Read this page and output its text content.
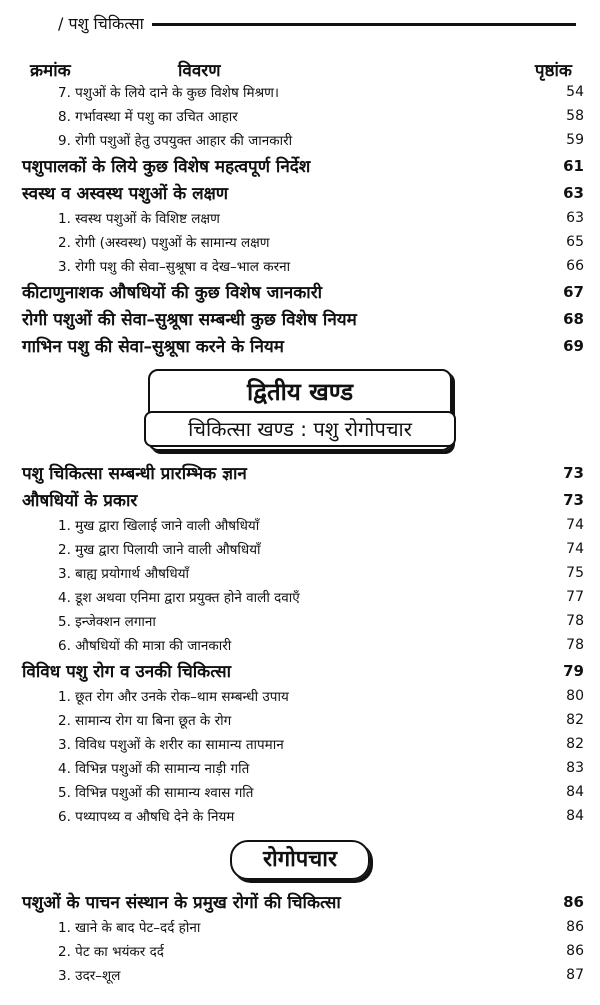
/ पशु चिकित्सा
क्रमांक	विवरण	पृष्ठांक
7. पशुओं के लिये दाने के कुछ विशेष मिश्रण।	54
8. गर्भावस्था में पशु का उचित आहार	58
9. रोगी पशुओं हेतु उपयुक्त आहार की जानकारी	59
पशुपालकों के लिये कुछ विशेष महत्वपूर्ण निर्देश	61
स्वस्थ व अस्वस्थ पशुओं के लक्षण	63
1. स्वस्थ पशुओं के विशिष्ट लक्षण	63
2. रोगी (अस्वस्थ) पशुओं के सामान्य लक्षण	65
3. रोगी पशु की सेवा–सुश्रूषा व देख–भाल करना	66
कीटाणुनाशक औषधियों की कुछ विशेष जानकारी	67
रोगी पशुओं की सेवा–सुश्रूषा सम्बन्धी कुछ विशेष नियम	68
गाभिन पशु की सेवा–सुश्रूषा करने के नियम	69
द्वितीय खण्ड
चिकित्सा खण्ड : पशु रोगोपचार
पशु चिकित्सा सम्बन्धी प्रारम्भिक ज्ञान	73
औषधियों के प्रकार	73
1. मुख द्वारा खिलाई जाने वाली औषधियाँ	74
2. मुख द्वारा पिलायी जाने वाली औषधियाँ	74
3. बाह्य प्रयोगार्थ औषधियाँ	75
4. डूश अथवा एनिमा द्वारा प्रयुक्त होने वाली दवाएँ	77
5. इन्जेक्शन लगाना	78
6. औषधियों की मात्रा की जानकारी	78
विविध पशु रोग व उनकी चिकित्सा	79
1. छूत रोग और उनके रोक–थाम सम्बन्धी उपाय	80
2. सामान्य रोग या बिना छूत के रोग	82
3. विविध पशुओं के शरीर का सामान्य तापमान	82
4. विभिन्न पशुओं की सामान्य नाड़ी गति	83
5. विभिन्न पशुओं की सामान्य श्वास गति	84
6. पथ्यापथ्य व औषधि देने के नियम	84
रोगोपचार
पशुओं के पाचन संस्थान के प्रमुख रोगों की चिकित्सा	86
1. खाने के बाद पेट–दर्द होना	86
2. पेट का भयंकर दर्द	86
3. उदर–शूल	87
